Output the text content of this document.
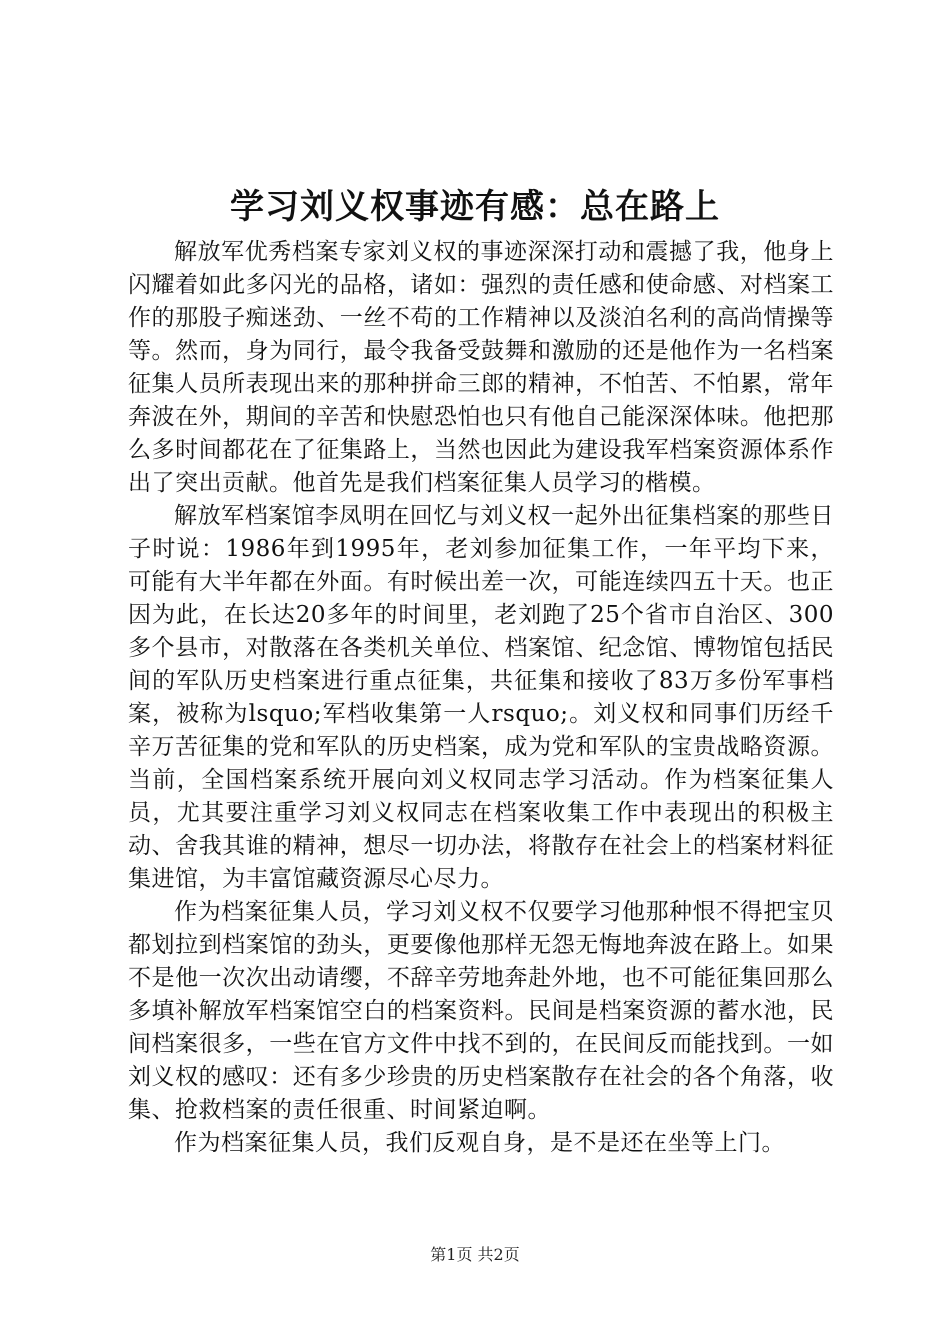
学习刘义权事迹有感：总在路上

解放军优秀档案专家刘义权的事迹深深打动和震撼了我，他身上闪耀着如此多闪光的品格，诸如：强烈的责任感和使命感、对档案工作的那股子痴迷劲、一丝不苟的工作精神以及淡泊名利的高尚情操等等。然而，身为同行，最令我备受鼓舞和激励的还是他作为一名档案征集人员所表现出来的那种拼命三郎的精神，不怕苦、不怕累，常年奔波在外，期间的辛苦和快慰恐怕也只有他自己能深深体味。他把那么多时间都花在了征集路上，当然也因此为建设我军档案资源体系作出了突出贡献。他首先是我们档案征集人员学习的楷模。

解放军档案馆李凤明在回忆与刘义权一起外出征集档案的那些日子时说：1986年到1995年，老刘参加征集工作，一年平均下来，可能有大半年都在外面。有时候出差一次，可能连续四五十天。也正因为此，在长达20多年的时间里，老刘跑了25个省市自治区、300多个县市，对散落在各类机关单位、档案馆、纪念馆、博物馆包括民间的军队历史档案进行重点征集，共征集和接收了83万多份军事档案，被称为lsquo;军档收集第一人rsquo;。刘义权和同事们历经千辛万苦征集的党和军队的历史档案，成为党和军队的宝贵战略资源。当前，全国档案系统开展向刘义权同志学习活动。作为档案征集人员，尤其要注重学习刘义权同志在档案收集工作中表现出的积极主动、舍我其谁的精神，想尽一切办法，将散存在社会上的档案材料征集进馆，为丰富馆藏资源尽心尽力。

作为档案征集人员，学习刘义权不仅要学习他那种恨不得把宝贝都划拉到档案馆的劲头，更要像他那样无怨无悔地奔波在路上。如果不是他一次次出动请缨，不辞辛劳地奔赴外地，也不可能征集回那么多填补解放军档案馆空白的档案资料。民间是档案资源的蓄水池，民间档案很多，一些在官方文件中找不到的，在民间反而能找到。一如刘义权的感叹：还有多少珍贵的历史档案散存在社会的各个角落，收集、抢救档案的责任很重、时间紧迫啊。

作为档案征集人员，我们反观自身，是不是还在坐等上门。

第1页 共2页
